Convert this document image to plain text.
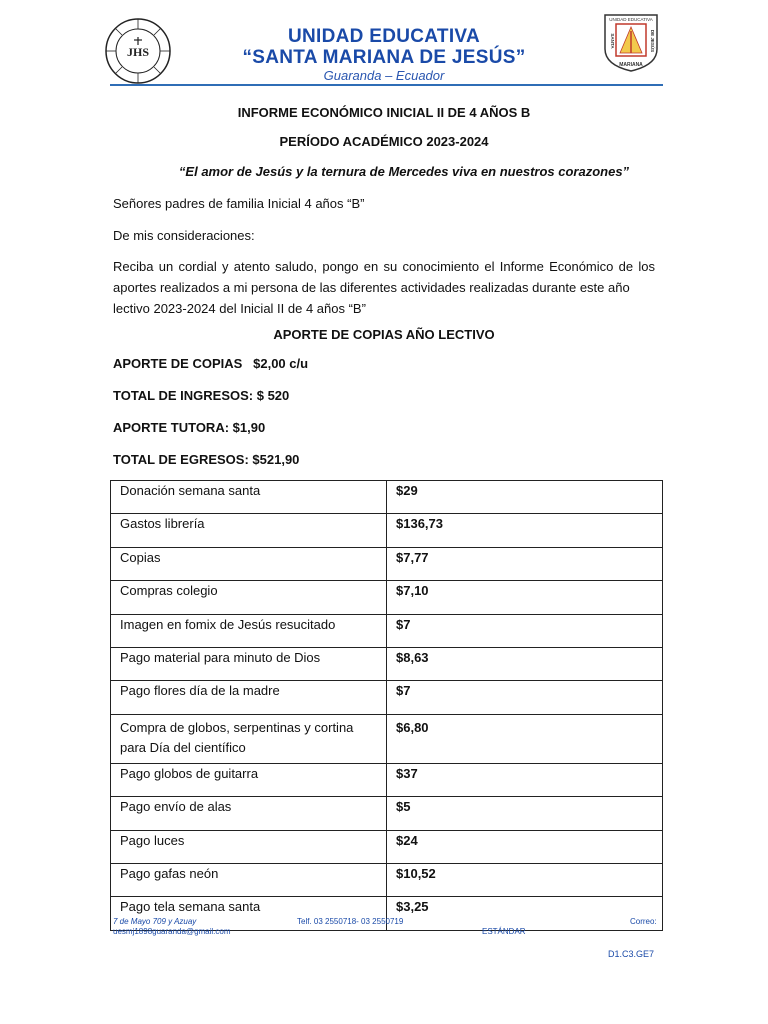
JHS
UNIDAD EDUCATIVA
“SANTA MARIANA DE JESÚS”
Guaranda – Ecuador
UNIDAD EDUCATIVA
SANTA	DE JESÚS
MARIANA
INFORME ECONÓMICO INICIAL II DE 4 AÑOS B
PERÍODO ACADÉMICO 2023-2024
“El amor de Jesús y la ternura de Mercedes viva en nuestros corazones”
Señores padres de familia Inicial 4 años “B”
De mis consideraciones:
Reciba un cordial y atento saludo, pongo en su conocimiento el Informe Económico de los
aportes realizados a mi persona de las diferentes actividades realizadas durante este año
lectivo 2023-2024 del Inicial II de 4 años “B”
APORTE DE COPIAS AÑO LECTIVO
APORTE DE COPIAS   $2,00 c/u
TOTAL DE INGRESOS: $ 520
APORTE TUTORA: $1,90
TOTAL DE EGRESOS: $521,90
Donación semana santa	$29
Gastos librería	$136,73
Copias	$7,77
Compras colegio	$7,10
Imagen en fomix de Jesús resucitado	$7
Pago material para minuto de Dios	$8,63
Pago flores día de la madre	$7
Compra de globos, serpentinas y cortina para Día del científico	$6,80
Pago globos de guitarra	$37
Pago envío de alas	$5
Pago luces	$24
Pago gafas neón	$10,52
Pago tela semana santa	$3,25
7 de Mayo 709 y Azuay
uesmj1898guaranda@gmail.com
Telf. 03 2550718- 03 2550719	Correo:
ESTÁNDAR
D1.C3.GE7
